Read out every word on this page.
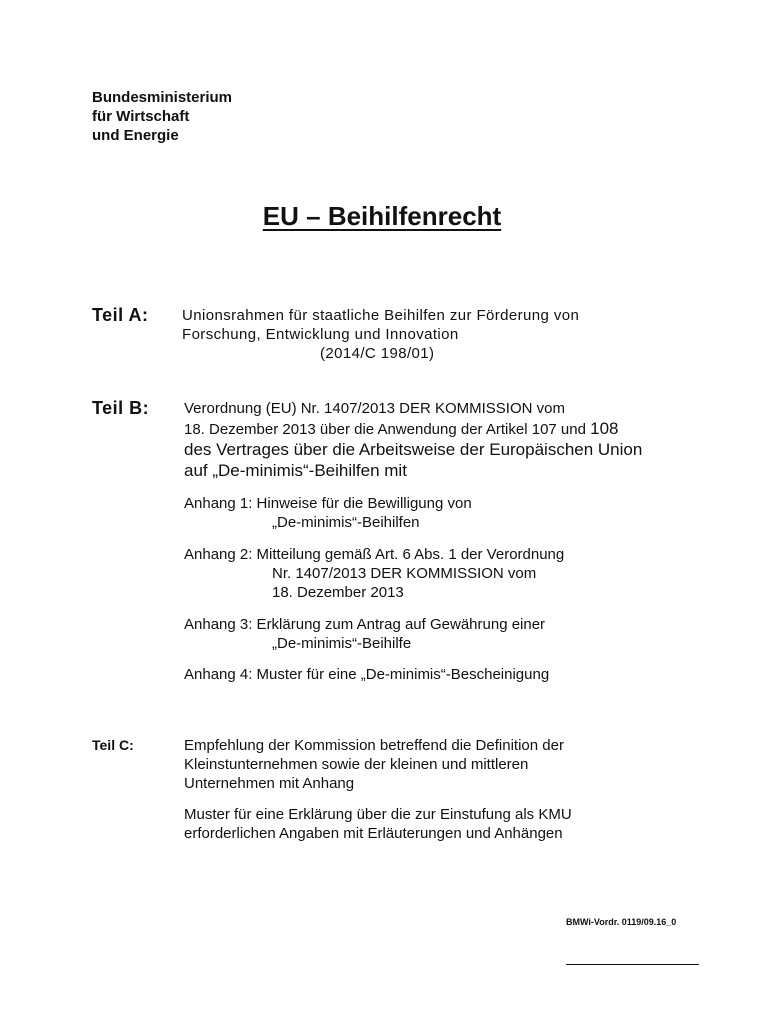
Bundesministerium
für Wirtschaft
und Energie
EU – Beihilfenrecht
Teil A: Unionsrahmen für staatliche Beihilfen zur Förderung von
Forschung, Entwicklung und Innovation
(2014/C 198/01)
Teil B: Verordnung (EU) Nr. 1407/2013 DER KOMMISSION vom
18. Dezember 2013 über die Anwendung der Artikel 107 und 108
des Vertrages über die Arbeitsweise der Europäischen Union
auf „De-minimis“-Beihilfen mit
Anhang 1: Hinweise für die Bewilligung von
„De-minimis“-Beihilfen
Anhang 2: Mitteilung gemäß Art. 6 Abs. 1 der Verordnung
Nr. 1407/2013 DER KOMMISSION vom
18. Dezember 2013
Anhang 3: Erklärung zum Antrag auf Gewährung einer
„De-minimis“-Beihilfe
Anhang 4: Muster für eine „De-minimis“-Bescheinigung
Teil C:	Empfehlung der Kommission betreffend die Definition der
Kleinstunternehmen sowie der kleinen und mittleren
Unternehmen mit Anhang
Muster für eine Erklärung über die zur Einstufung als KMU
erforderlichen Angaben mit Erläuterungen und Anhängen
BMWi-Vordr. 0119/09.16_0
